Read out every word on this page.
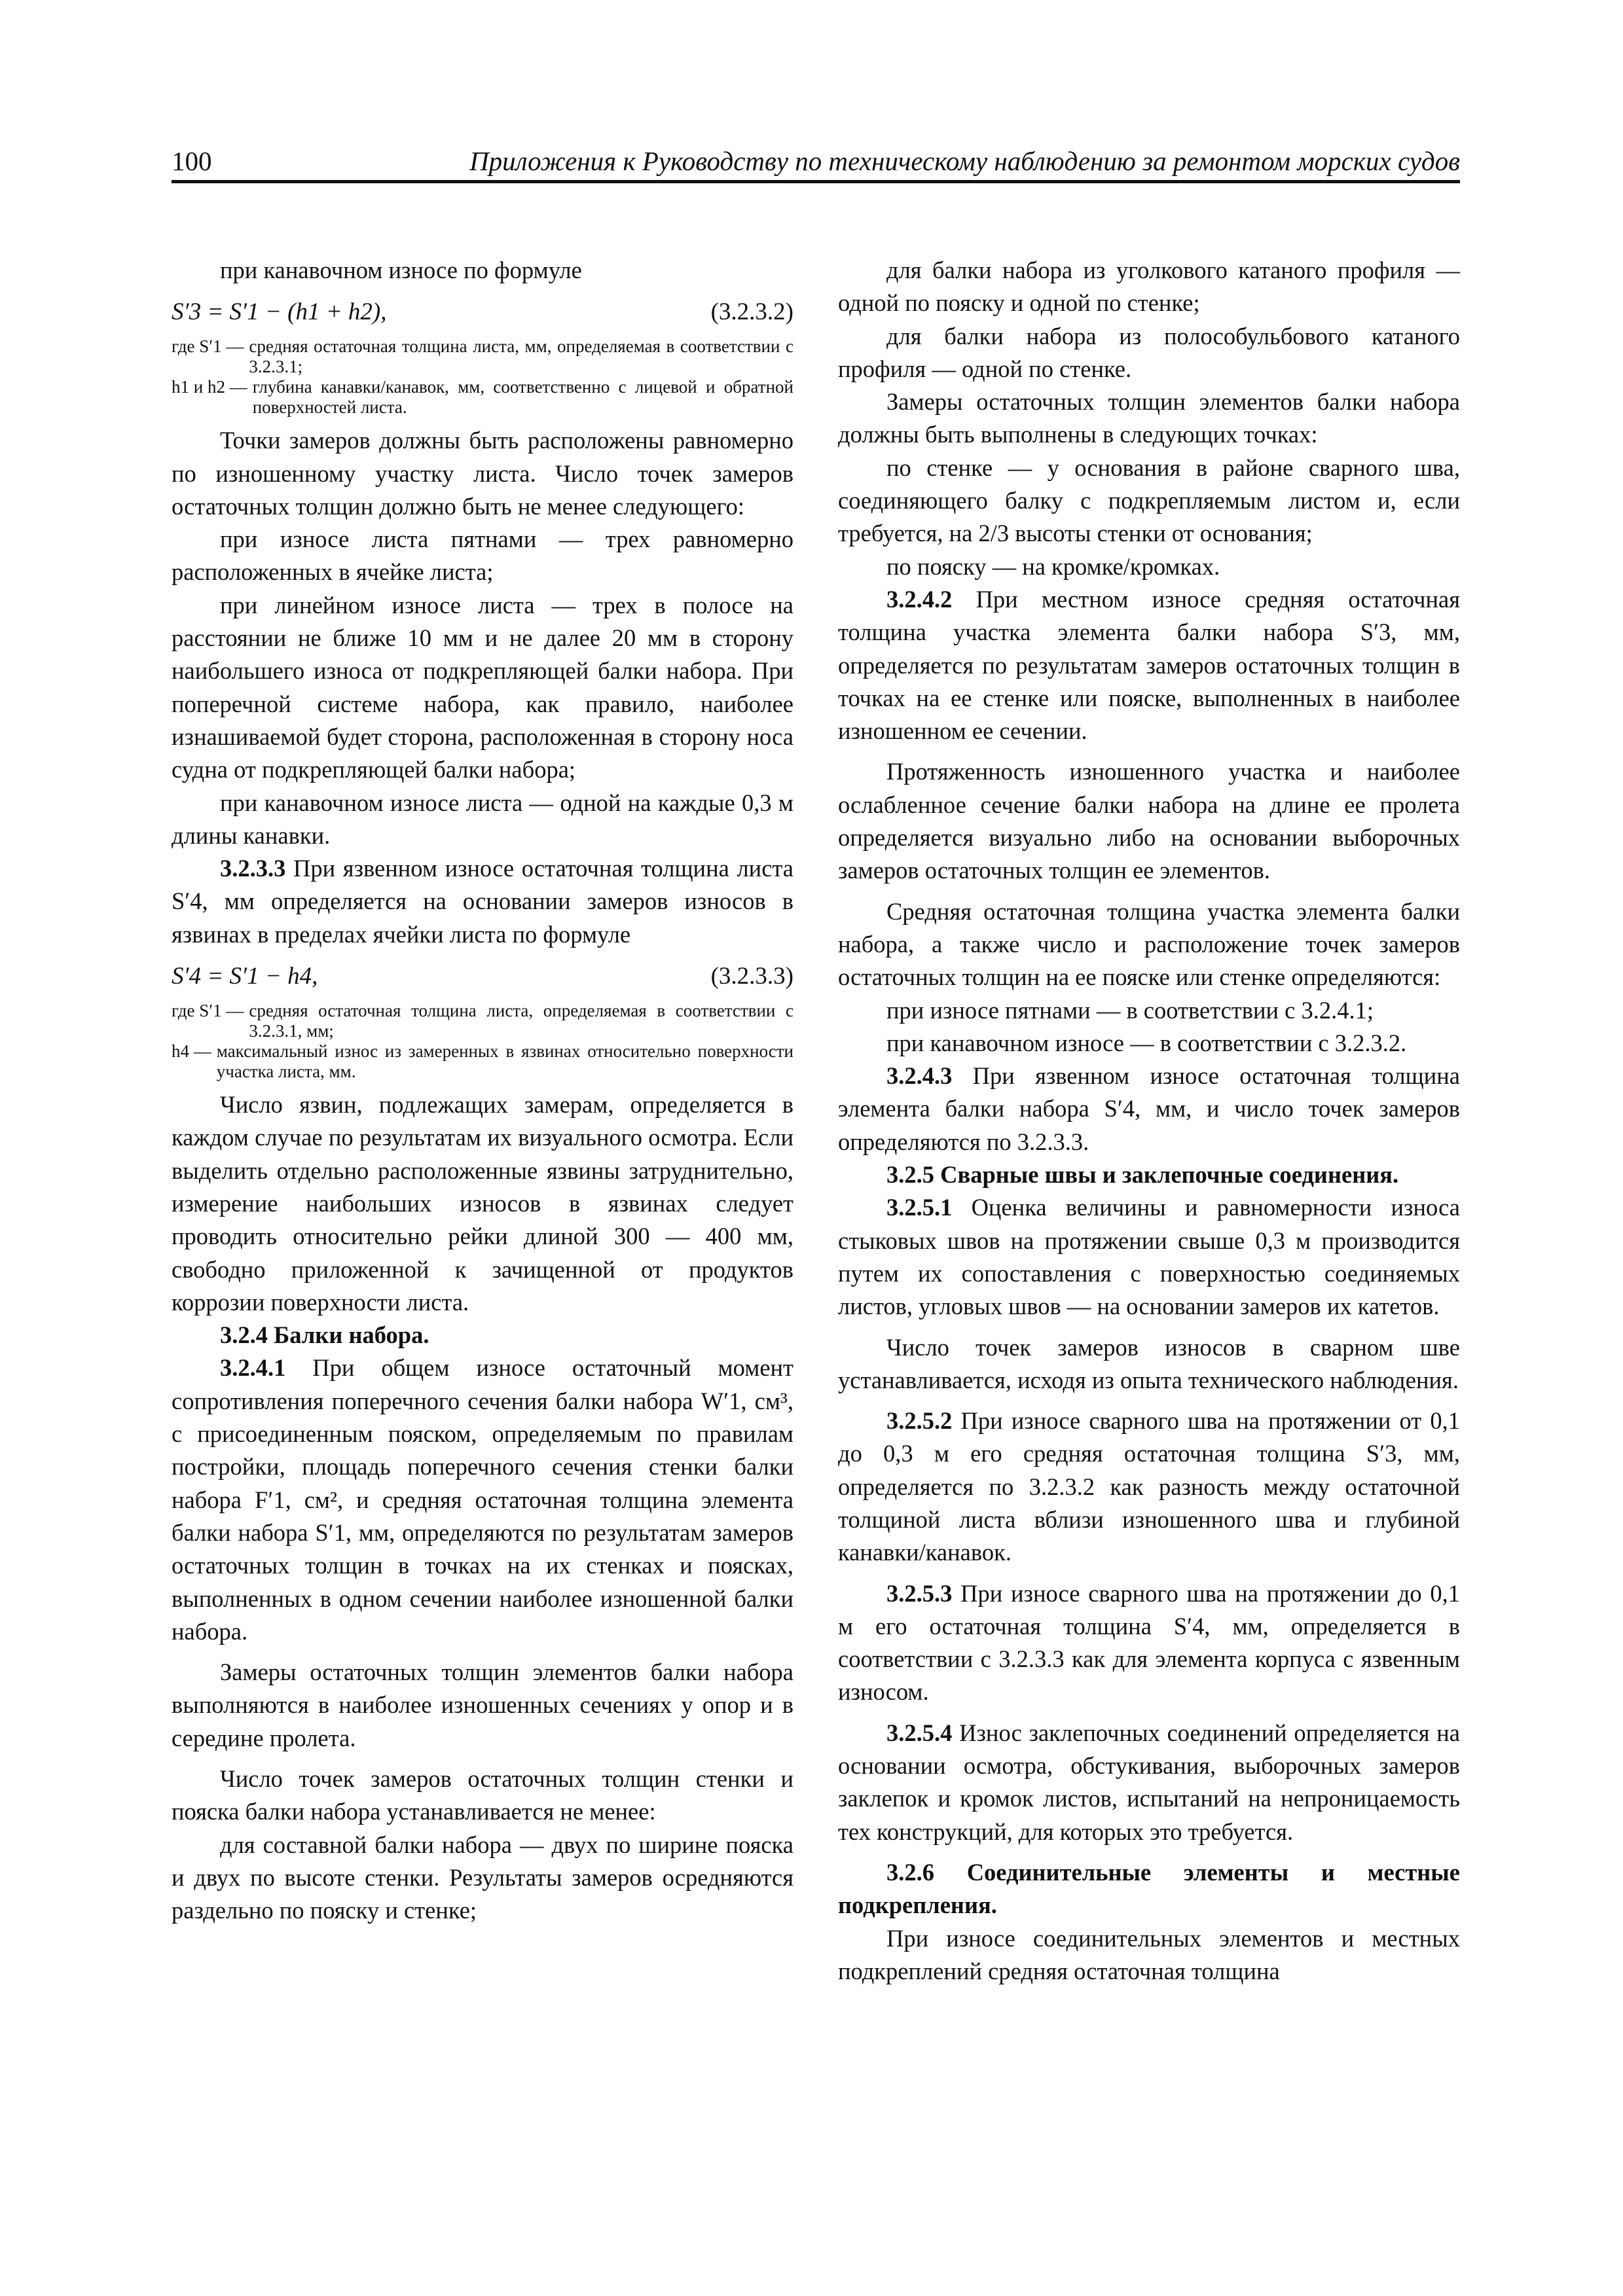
100	Приложения к Руководству по техническому наблюдению за ремонтом морских судов

при канавочном износе по формуле

S′3 = S′1 − (h1 + h2),	(3.2.3.2)
где S′1 — средняя остаточная толщина листа, мм, определяемая в соответствии с 3.2.3.1;
h1 и h2 — глубина канавки/канавок, мм, соответственно с лицевой и обратной поверхностей листа.

Точки замеров должны быть расположены равномерно по изношенному участку листа. Число точек замеров остаточных толщин должно быть не менее следующего:

при износе листа пятнами — трех равномерно расположенных в ячейке листа;

при линейном износе листа — трех в полосе на расстоянии не ближе 10 мм и не далее 20 мм в сторону наибольшего износа от подкрепляющей балки набора. При поперечной системе набора, как правило, наиболее изнашиваемой будет сторона, расположенная в сторону носа судна от подкрепляющей балки набора;

при канавочном износе листа — одной на каждые 0,3 м длины канавки.

3.2.3.3 При язвенном износе остаточная толщина листа S′4, мм определяется на основании замеров износов в язвинах в пределах ячейки листа по формуле

S′4 = S′1 − h4,	(3.2.3.3)
где S′1 — средняя остаточная толщина листа, определяемая в соответствии с 3.2.3.1, мм;
h4 — максимальный износ из замеренных в язвинах относительно поверхности участка листа, мм.

Число язвин, подлежащих замерам, определяется в каждом случае по результатам их визуального осмотра. Если выделить отдельно расположенные язвины затруднительно, измерение наибольших износов в язвинах следует проводить относительно рейки длиной 300 — 400 мм, свободно приложенной к зачищенной от продуктов коррозии поверхности листа.

3.2.4 Балки набора.

3.2.4.1 При общем износе остаточный момент сопротивления поперечного сечения балки набора W′1, см³, с присоединенным пояском, определяемым по правилам постройки, площадь поперечного сечения стенки балки набора F′1, см², и средняя остаточная толщина элемента балки набора S′1, мм, определяются по результатам замеров остаточных толщин в точках на их стенках и поясках, выполненных в одном сечении наиболее изношенной балки набора.

Замеры остаточных толщин элементов балки набора выполняются в наиболее изношенных сечениях у опор и в середине пролета.

Число точек замеров остаточных толщин стенки и пояска балки набора устанавливается не менее:

для составной балки набора — двух по ширине пояска и двух по высоте стенки. Результаты замеров осредняются раздельно по пояску и стенке;

для балки набора из уголкового катаного профиля — одной по пояску и одной по стенке;

для балки набора из полособульбового катаного профиля — одной по стенке.

Замеры остаточных толщин элементов балки набора должны быть выполнены в следующих точках:

по стенке — у основания в районе сварного шва, соединяющего балку с подкрепляемым листом и, если требуется, на 2/3 высоты стенки от основания;

по пояску — на кромке/кромках.

3.2.4.2 При местном износе средняя остаточная толщина участка элемента балки набора S′3, мм, определяется по результатам замеров остаточных толщин в точках на ее стенке или пояске, выполненных в наиболее изношенном ее сечении.

Протяженность изношенного участка и наиболее ослабленное сечение балки набора на длине ее пролета определяется визуально либо на основании выборочных замеров остаточных толщин ее элементов.

Средняя остаточная толщина участка элемента балки набора, а также число и расположение точек замеров остаточных толщин на ее пояске или стенке определяются:

при износе пятнами — в соответствии с 3.2.4.1;

при канавочном износе — в соответствии с 3.2.3.2.

3.2.4.3 При язвенном износе остаточная толщина элемента балки набора S′4, мм, и число точек замеров определяются по 3.2.3.3.

3.2.5 Сварные швы и заклепочные соединения.

3.2.5.1 Оценка величины и равномерности износа стыковых швов на протяжении свыше 0,3 м производится путем их сопоставления с поверхностью соединяемых листов, угловых швов — на основании замеров их катетов.

Число точек замеров износов в сварном шве устанавливается, исходя из опыта технического наблюдения.

3.2.5.2 При износе сварного шва на протяжении от 0,1 до 0,3 м его средняя остаточная толщина S′3, мм, определяется по 3.2.3.2 как разность между остаточной толщиной листа вблизи изношенного шва и глубиной канавки/канавок.

3.2.5.3 При износе сварного шва на протяжении до 0,1 м его остаточная толщина S′4, мм, определяется в соответствии с 3.2.3.3 как для элемента корпуса с язвенным износом.

3.2.5.4 Износ заклепочных соединений определяется на основании осмотра, обстукивания, выборочных замеров заклепок и кромок листов, испытаний на непроницаемость тех конструкций, для которых это требуется.

3.2.6 Соединительные элементы и местные подкрепления.

При износе соединительных элементов и местных подкреплений средняя остаточная толщина
